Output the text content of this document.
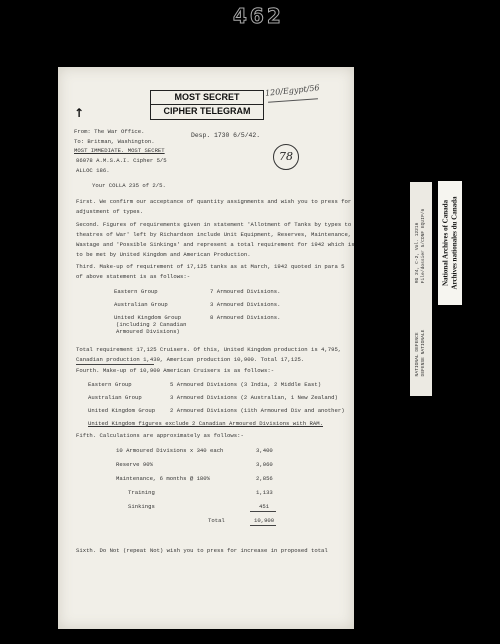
462
↑
MOST SECRET
CIPHER TELEGRAM
120/Egypt/56
78
From: The War Office.
To: Britman, Washington.
Desp. 1730 6/5/42.
MOST IMMEDIATE. MOST SECRET
86078 A.M.S.A.I. Cipher 5/5
ALLOC 186.
Your COLLA 235 of 2/5.
First. We confirm our acceptance of quantity assignments and wish you to press for
adjustment of types.
Second. Figures of requirements given in statement 'Allotment of Tanks by types to
theatres of War' left by Richardson include Unit Equipment, Reserves, Maintenance,
Wastage and 'Possible Sinkings' and represent a total requirement for 1942 which is
to be met by United Kingdom and American Production.
Third. Make-up of requirement of 17,125 tanks as at March, 1942 quoted in para 5
of above statement is as follows:-
Eastern Group	7 Armoured Divisions.
Australian Group	3 Armoured Divisions.
United Kingdom Group	8 Armoured Divisions.
(including 2 Canadian
Armoured Divisions)
Total requirement 17,125 Cruisers. Of this, United Kingdom production is 4,795,
Canadian production 1,430, American production 10,900. Total 17,125.
Fourth. Make-up of 10,900 American Cruisers is as follows:-
Eastern Group	5 Armoured Divisions (3 India, 2 Middle East)
Australian Group	3 Armoured Divisions (2 Australian, 1 New Zealand)
United Kingdom Group	2 Armoured Divisions (11th Armoured Div and another)
United Kingdom figures exclude 2 Canadian Armoured Divisions with RAM.
Fifth. Calculations are approximately as follows:-
10 Armoured Divisions x 340 each	3,400
Reserve 90%	3,060
Maintenance, 6 months @ 180%	2,856
Training	1,133
Sinkings	451
Total	10,900
Sixth. Do Not (repeat Not) wish you to press for increase in proposed total
RG 24, C-2, Vol. 12216 File/dossier 5/CONF EQUIP/6
NATIONAL DEFENCE DEFENSE NATIONALE
National Archives of Canada Archives nationales du Canada
